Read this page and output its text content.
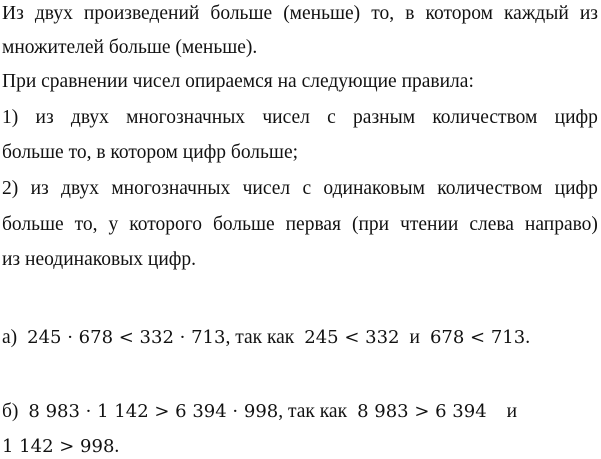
Из двух произведений больше (меньше) то, в котором каждый из
множителей больше (меньше).
При сравнении чисел опираемся на следующие правила:
1) из двух многозначных чисел с разным количеством цифр
больше то, в котором цифр больше;
2) из двух многозначных чисел с одинаковым количеством цифр
больше то, у которого больше первая (при чтении слева направо)
из неодинаковых цифр.
а) 245 · 678 < 332 · 713, так как 245 < 332 и 678 < 713.
б) 8 983 · 1 142 > 6 394 · 998, так как 8 983 > 6 394 и
1 142 > 998.
